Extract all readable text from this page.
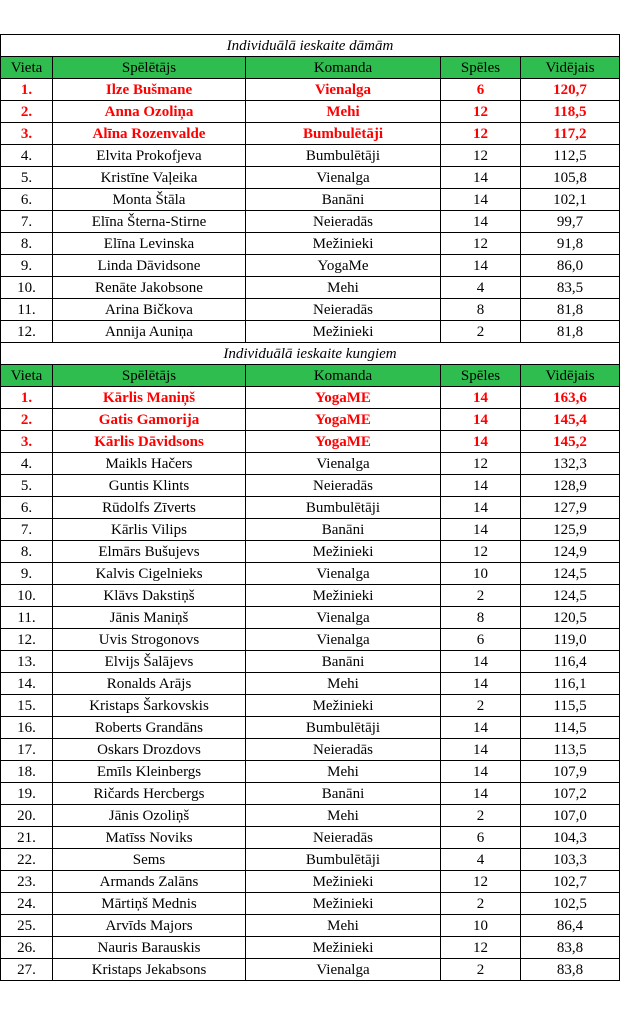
Individuālā ieskaite dāmām				
Vieta	Spēlētājs	Komanda	Spēles	Vidējais
1.	Ilze Bušmane	Vienalga	6	120,7
2.	Anna Ozoliņa	Mehi	12	118,5
3.	Alīna Rozenvalde	Bumbulētāji	12	117,2
4.	Elvita Prokofjeva	Bumbulētāji	12	112,5
5.	Kristīne Vaļeika	Vienalga	14	105,8
6.	Monta Štāla	Banāni	14	102,1
7.	Elīna Šterna-Stirne	Neieradās	14	99,7
8.	Elīna Levinska	Mežinieki	12	91,8
9.	Linda Dāvidsone	YogaMe	14	86,0
10.	Renāte Jakobsone	Mehi	4	83,5
11.	Arina Bičkova	Neieradās	8	81,8
12.	Annija Auniņa	Mežinieki	2	81,8
Individuālā ieskaite kungiem				
Vieta	Spēlētājs	Komanda	Spēles	Vidējais
1.	Kārlis Maniņš	YogaME	14	163,6
2.	Gatis Gamorija	YogaME	14	145,4
3.	Kārlis Dāvidsons	YogaME	14	145,2
4.	Maikls Hačers	Vienalga	12	132,3
5.	Guntis Klints	Neieradās	14	128,9
6.	Rūdolfs Zīverts	Bumbulētāji	14	127,9
7.	Kārlis Vilips	Banāni	14	125,9
8.	Elmārs Bušujevs	Mežinieki	12	124,9
9.	Kalvis Cigelnieks	Vienalga	10	124,5
10.	Klāvs Dakstiņš	Mežinieki	2	124,5
11.	Jānis Maniņš	Vienalga	8	120,5
12.	Uvis Strogonovs	Vienalga	6	119,0
13.	Elvijs Šalājevs	Banāni	14	116,4
14.	Ronalds Arājs	Mehi	14	116,1
15.	Kristaps Šarkovskis	Mežinieki	2	115,5
16.	Roberts Grandāns	Bumbulētāji	14	114,5
17.	Oskars Drozdovs	Neieradās	14	113,5
18.	Emīls Kleinbergs	Mehi	14	107,9
19.	Ričards Hercbergs	Banāni	14	107,2
20.	Jānis Ozoliņš	Mehi	2	107,0
21.	Matīss Noviks	Neieradās	6	104,3
22.	Sems	Bumbulētāji	4	103,3
23.	Armands Zalāns	Mežinieki	12	102,7
24.	Mārtiņš Mednis	Mežinieki	2	102,5
25.	Arvīds Majors	Mehi	10	86,4
26.	Nauris Barauskis	Mežinieki	12	83,8
27.	Kristaps Jekabsons	Vienalga	2	83,8
